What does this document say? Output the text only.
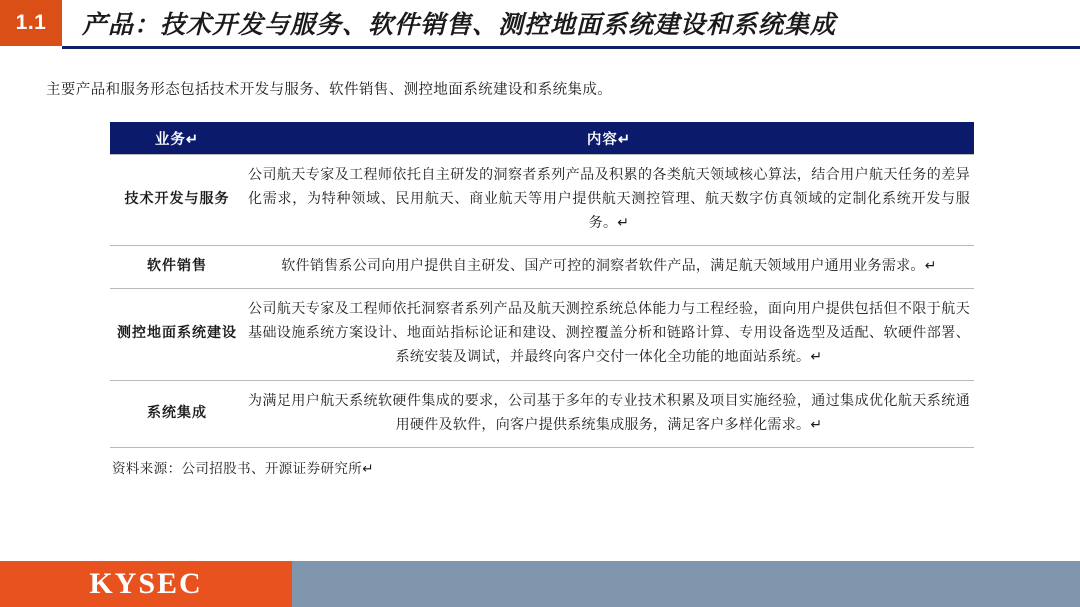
1.1	产品：技术开发与服务、软件销售、测控地面系统建设和系统集成
主要产品和服务形态包括技术开发与服务、软件销售、测控地面系统建设和系统集成。
业务↵	内容↵
技术开发与服务	公司航天专家及工程师依托自主研发的洞察者系列产品及积累的各类航天领域核心算法，结合用户航天任务的差异化需求，为特种领域、民用航天、商业航天等用户提供航天测控管理、航天数字仿真领域的定制化系统开发与服务。↵
软件销售	软件销售系公司向用户提供自主研发、国产可控的洞察者软件产品，满足航天领域用户通用业务需求。↵
测控地面系统建设	公司航天专家及工程师依托洞察者系列产品及航天测控系统总体能力与工程经验，面向用户提供包括但不限于航天基础设施系统方案设计、地面站指标论证和建设、测控覆盖分析和链路计算、专用设备选型及适配、软硬件部署、系统安装及调试，并最终向客户交付一体化全功能的地面站系统。↵
系统集成	为满足用户航天系统软硬件集成的要求，公司基于多年的专业技术积累及项目实施经验，通过集成优化航天系统通用硬件及软件，向客户提供系统集成服务，满足客户多样化需求。↵
资料来源：公司招股书、开源证券研究所↵
KYSEC
